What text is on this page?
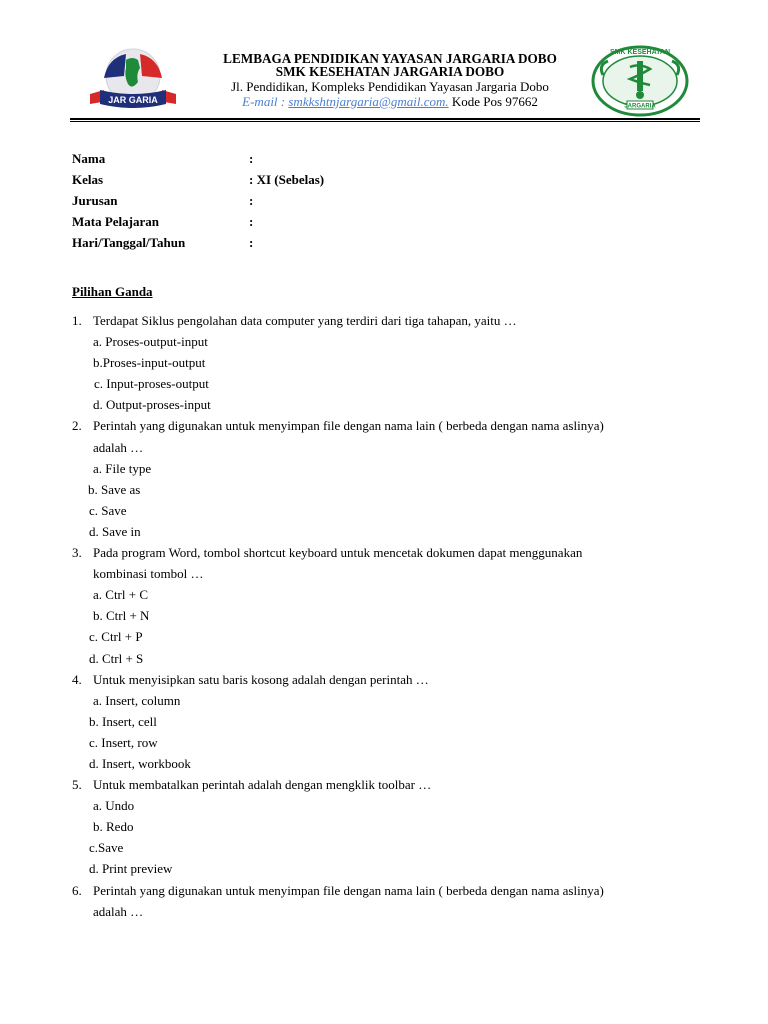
JAR GARIA
LEMBAGA PENDIDIKAN YAYASAN JARGARIA DOBO
SMK KESEHATAN JARGARIA DOBO
Jl. Pendidikan, Kompleks Pendidikan Yayasan Jargaria Dobo
E-mail : smkkshtnjargaria@gmail.com. Kode Pos 97662	JARGARIA
SMK KESEHATAN
Nama	:
Kelas	: XI (Sebelas)
Jurusan	:
Mata Pelajaran	:
Hari/Tanggal/Tahun	:
Pilihan Ganda
1. Terdapat Siklus pengolahan data computer yang terdiri dari tiga tahapan, yaitu …
a. Proses-output-input
b.Proses-input-output
c. Input-proses-output
d. Output-proses-input
2. Perintah yang digunakan untuk menyimpan file dengan nama lain ( berbeda dengan nama aslinya)
adalah …
a. File type
b. Save as
c. Save
d. Save in
3. Pada program Word, tombol shortcut keyboard untuk mencetak dokumen dapat menggunakan
kombinasi tombol …
a. Ctrl + C
b. Ctrl + N
c. Ctrl + P
d. Ctrl + S
4. Untuk menyisipkan satu baris kosong adalah dengan perintah …
a. Insert, column
b. Insert, cell
c. Insert, row
d. Insert, workbook
5. Untuk membatalkan perintah adalah dengan mengklik toolbar …
a. Undo
b. Redo
c.Save
d. Print preview
6. Perintah yang digunakan untuk menyimpan file dengan nama lain ( berbeda dengan nama aslinya)
adalah …
